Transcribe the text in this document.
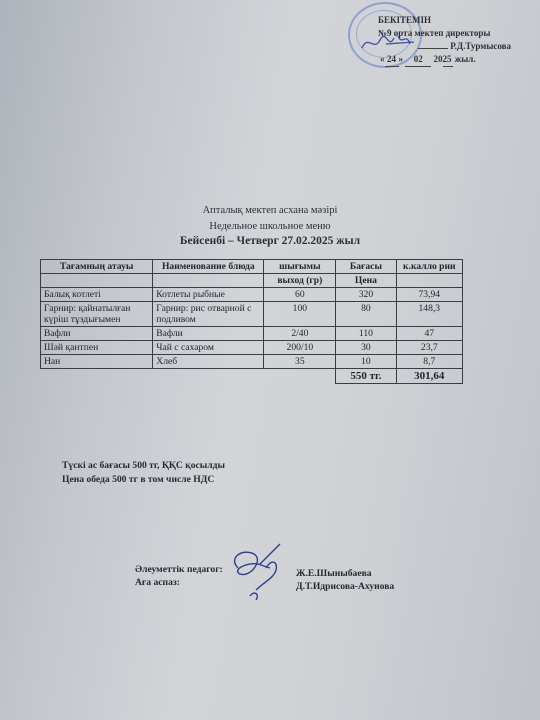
БЕКІТЕМІН
№9 орта мектеп директоры
Р.Д.Турмысова
« 24 » 02 2025 жыл.
Апталық мектеп асхана мәзірі
Недельное школьное меню
Бейсенбі – Четверг 27.02.2025 жыл
Тағамның атауы	Наименование блюда	шығымы	Бағасы	к.калло рии
		выход (гр)	Цена	
Балық котлеті	Котлеты рыбные	60	320	73,94
Гарнир: қайнатылған күріш тұздығымен	Гарнир: рис отварной с подливом	100	80	148,3
Вафли	Вафли	2/40	110	47
Шәй қантпен	Чай с сахаром	200/10	30	23,7
Нан	Хлеб	35	10	8,7
			550 тг.	301,64
Түскі ас бағасы 500 тг, ҚҚС қосылды
Цена обеда 500 тг в том числе НДС
Әлеуметтік педагог:
Аға аспаз:
Ж.Е.Шыныбаева
Д.Т.Идрисова-Ахунова
